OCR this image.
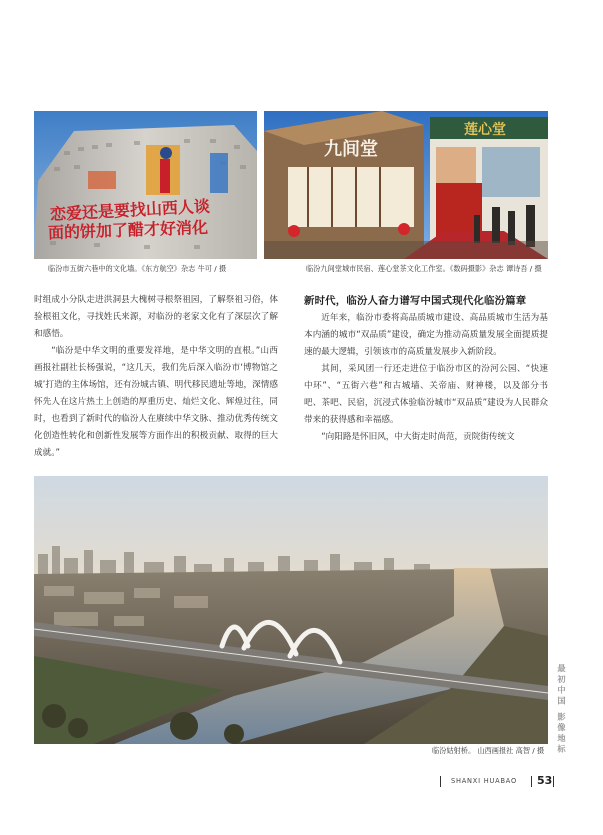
恋爱还是要找山西人谈
面的饼加了醋才好消化
临汾市五街六巷中的文化墙。《东方航空》杂志 牛可 / 摄
九间堂
莲心堂
临汾九间堂城市民宿、莲心堂茶文化工作室。《数码摄影》杂志 谭诗吾 / 摄

时组成小分队走进洪洞县大槐树寻根祭祖园，了解祭祖习俗，体验根祖文化，寻找姓氏来源，对临汾的老家文化有了深层次了解和感悟。

“临汾是中华文明的重要发祥地，是中华文明的直根。”山西画报社副社长杨强说，“这几天，我们先后深入临汾市‘博物馆之城’打造的主体场馆，还有汾城古镇、明代移民遗址等地，深情感怀先人在这片热土上创造的厚重历史、灿烂文化、辉煌过往，同时，也看到了新时代的临汾人在赓续中华文脉、推动优秀传统文化创造性转化和创新性发展等方面作出的积极贡献、取得的巨大成就。”

新时代，临汾人奋力谱写中国式现代化临汾篇章

近年来，临汾市委将高品质城市建设、高品质城市生活为基本内涵的城市“双品质”建设，确定为推动高质量发展全面提质提速的最大逻辑，引领该市的高质量发展步入新阶段。

其间，采风团一行还走进位于临汾市区的汾河公园、“快速中环”、“五街六巷”和古城墙、关帝庙、财神楼，以及部分书吧、茶吧、民宿，沉浸式体验临汾城市“双品质”建设为人民群众带来的获得感和幸福感。

“向阳路是怀旧风，中大街走时尚范，贡院街传统文

临汾姑射桥。 山西画报社 高智 / 摄 最初中国 影像地标
SHANXI HUABAO 53
